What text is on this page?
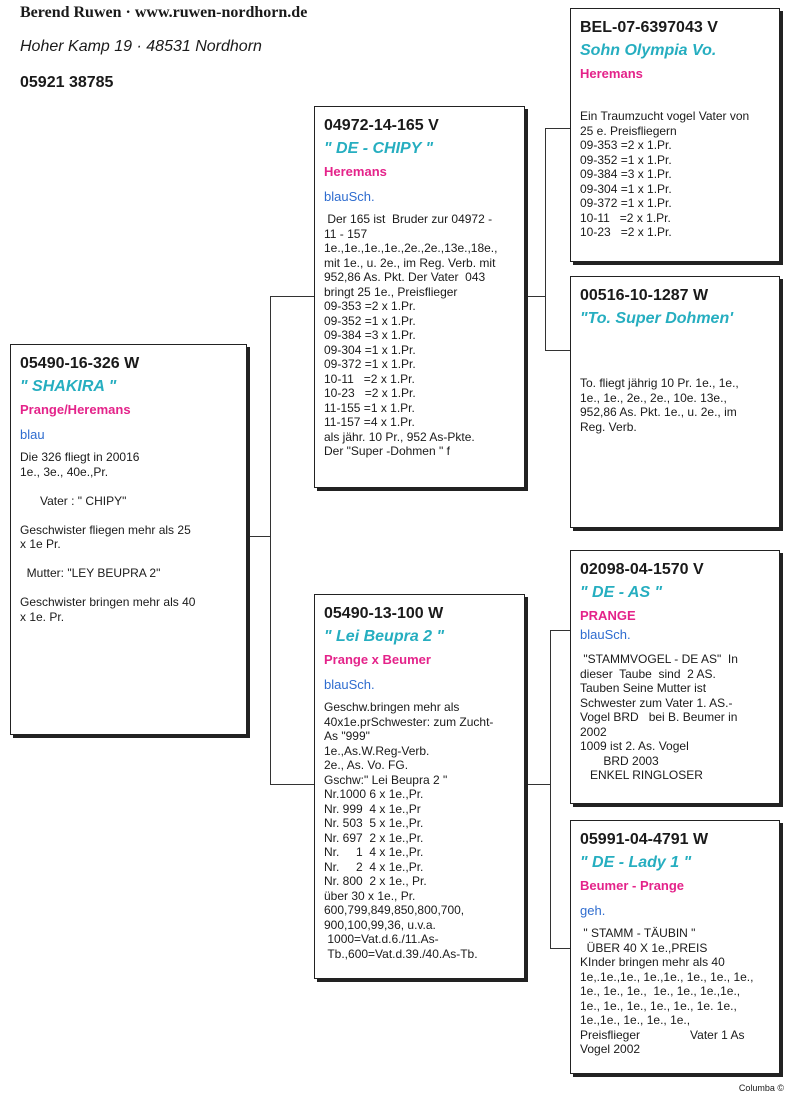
Berend Ruwen · www.ruwen-nordhorn.de
Hoher Kamp 19 · 48531 Nordhorn
05921 38785
05490-16-326 W
" SHAKIRA "
Prange/Heremans
blau
Die 326 fliegt in 20016
1e., 3e., 40e.,Pr.

Vater : " CHIPY"

Geschwister fliegen mehr als 25
x 1e Pr.

Mutter: "LEY BEUPRA 2"

Geschwister bringen mehr als 40
x 1e. Pr.
04972-14-165 V
" DE - CHIPY "
Heremans
blauSch.
Der 165 ist  Bruder zur 04972 -
11 - 157
1e.,1e.,1e.,1e.,2e.,2e.,13e.,18e.,
mit 1e., u. 2e., im Reg. Verb. mit
952,86 As. Pkt. Der Vater  043
bringt 25 1e., Preisflieger
09-353 =2 x 1.Pr.
09-352 =1 x 1.Pr.
09-384 =3 x 1.Pr.
09-304 =1 x 1.Pr.
09-372 =1 x 1.Pr.
10-11   =2 x 1.Pr.
10-23   =2 x 1.Pr.
11-155 =1 x 1.Pr.
11-157 =4 x 1.Pr.
als jähr. 10 Pr., 952 As-Pkte.
Der "Super -Dohmen " f
05490-13-100 W
" Lei Beupra 2 "
Prange x Beumer
blauSch.
Geschw.bringen mehr als
40x1e.prSchwester: zum Zucht-
As "999"
1e.,As.W.Reg-Verb.
2e., As. Vo. FG.
Gschw:" Lei Beupra 2 "
Nr.1000 6 x 1e.,Pr.
Nr. 999  4 x 1e.,Pr
Nr. 503  5 x 1e.,Pr.
Nr. 697  2 x 1e.,Pr.
Nr.     1  4 x 1e.,Pr.
Nr.     2  4 x 1e.,Pr.
Nr. 800  2 x 1e., Pr.
über 30 x 1e., Pr.
600,799,849,850,800,700,
900,100,99,36, u.v.a.
1000=Vat.d.6./11.As-
Tb.,600=Vat.d.39./40.As-Tb.
BEL-07-6397043 V
Sohn Olympia Vo.
Heremans
Ein Traumzucht vogel Vater von
25 e. Preisfliegern
09-353 =2 x 1.Pr.
09-352 =1 x 1.Pr.
09-384 =3 x 1.Pr.
09-304 =1 x 1.Pr.
09-372 =1 x 1.Pr.
10-11   =2 x 1.Pr.
10-23   =2 x 1.Pr.
00516-10-1287 W
"To. Super Dohmen'
To. fliegt jährig 10 Pr. 1e., 1e.,
1e., 1e., 2e., 2e., 10e. 13e.,
952,86 As. Pkt. 1e., u. 2e., im
Reg. Verb.
02098-04-1570 V
" DE - AS "
PRANGE
blauSch.
"STAMMVOGEL - DE AS"  In
dieser  Taube  sind  2 AS.
Tauben Seine Mutter ist
Schwester zum Vater 1. AS.-
Vogel BRD   bei B. Beumer in
2002
1009 ist 2. As. Vogel
BRD 2003
ENKEL RINGLOSER
05991-04-4791 W
" DE - Lady 1 "
Beumer - Prange
geh.
" STAMM - TÄUBIN "
ÜBER 40 X 1e.,PREIS
KInder bringen mehr als 40
1e,.1e.,1e., 1e.,1e., 1e., 1e., 1e.,
1e., 1e., 1e.,  1e., 1e., 1e.,1e.,
1e., 1e., 1e., 1e., 1e., 1e. 1e.,
1e.,1e., 1e., 1e., 1e.,
Preisflieger               Vater 1 As
Vogel 2002
Columba ©
